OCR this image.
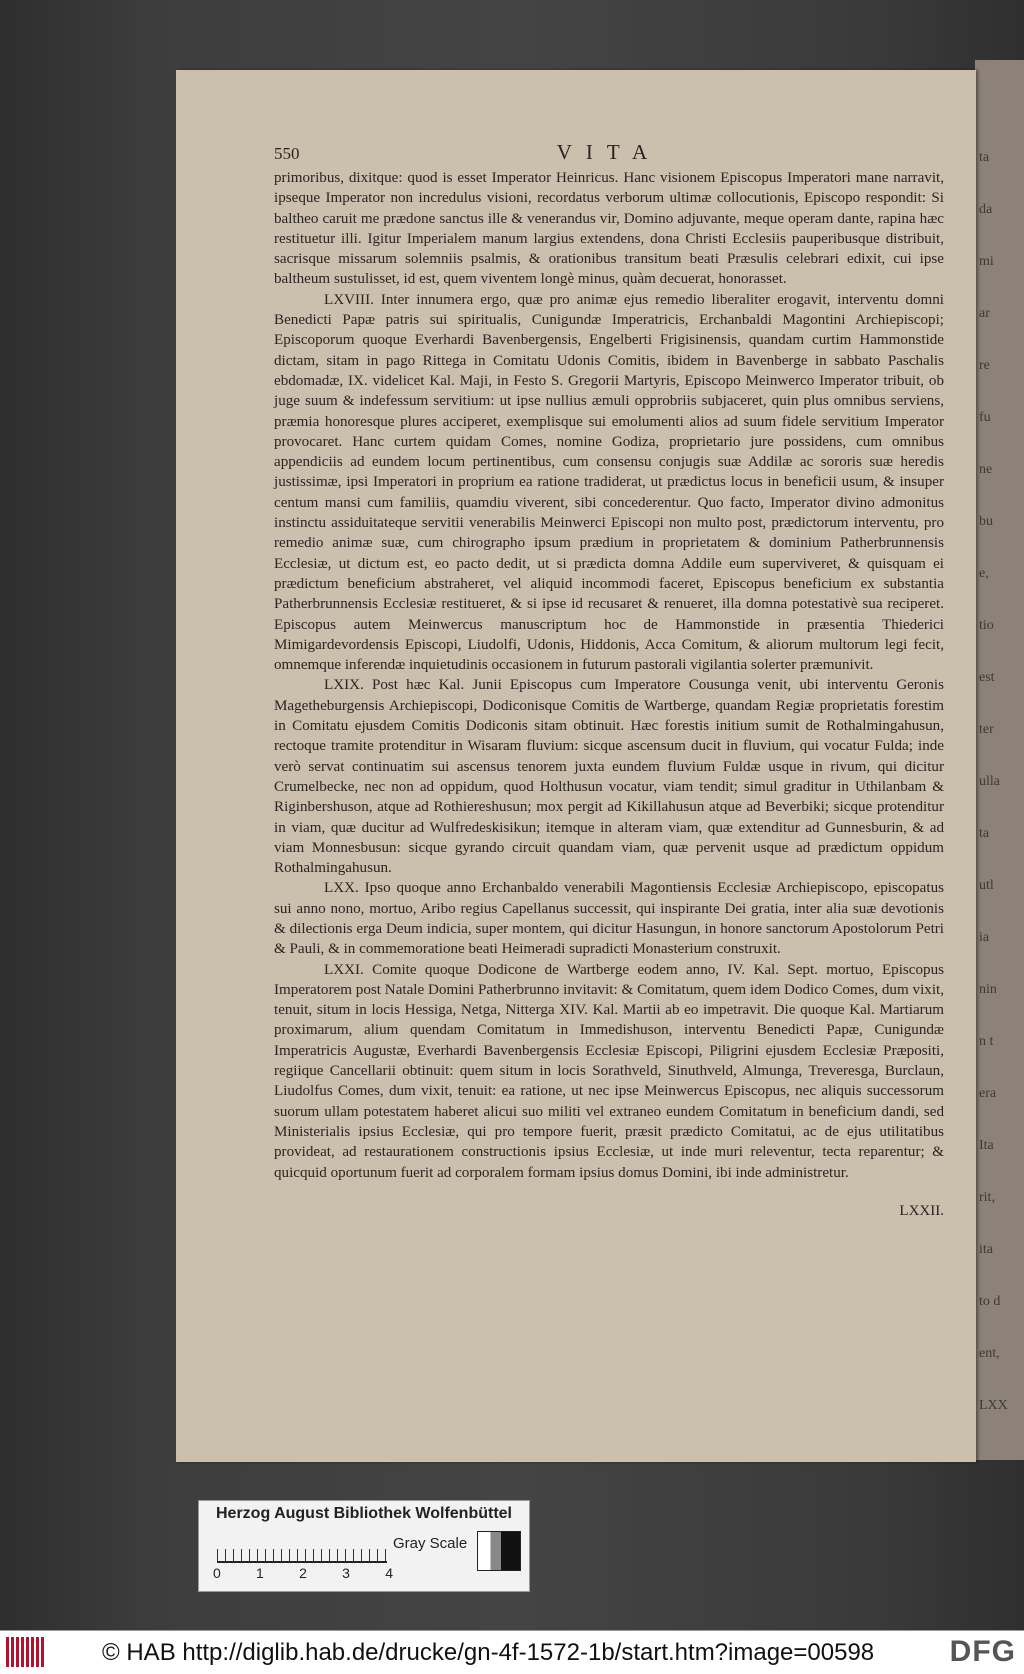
ta
da
mi
ar
re
fu
ne
bu
e,
tio
est
ter
ulla
ta
utl
ia
nin
n t
era
Ita
rit,
ita
to d
ent,
LXX
550	VITA

primoribus, dixitque: quod is esset Imperator Heinricus. Hanc visionem Episcopus Imperatori mane narravit, ipseque Imperator non incredulus visioni, recordatus verborum ultimæ collocutionis, Episcopo respondit: Si baltheo caruit me prædone sanctus ille & venerandus vir, Domino adjuvante, meque operam dante, rapina hæc restituetur illi. Igitur Imperialem manum largius extendens, dona Christi Ecclesiis pauperibusque distribuit, sacrisque missarum solemniis psalmis, & orationibus transitum beati Præsulis celebrari edixit, cui ipse baltheum sustulisset, id est, quem viventem longè minus, quàm decuerat, honorasset.

LXVIII. Inter innumera ergo, quæ pro animæ ejus remedio liberaliter erogavit, interventu domni Benedicti Papæ patris sui spiritualis, Cunigundæ Imperatricis, Erchanbaldi Magontini Archiepiscopi; Episcoporum quoque Everhardi Bavenbergensis, Engelberti Frigisinensis, quandam curtim Hammonstide dictam, sitam in pago Rittega in Comitatu Udonis Comitis, ibidem in Bavenberge in sabbato Paschalis ebdomadæ, IX. videlicet Kal. Maji, in Festo S. Gregorii Martyris, Episcopo Meinwerco Imperator tribuit, ob juge suum & indefessum servitium: ut ipse nullius æmuli opprobriis subjaceret, quin plus omnibus serviens, præmia honoresque plures acciperet, exemplisque sui emolumenti alios ad suum fidele servitium Imperator provocaret. Hanc curtem quidam Comes, nomine Godiza, proprietario jure possidens, cum omnibus appendiciis ad eundem locum pertinentibus, cum consensu conjugis suæ Addilæ ac sororis suæ heredis justissimæ, ipsi Imperatori in proprium ea ratione tradiderat, ut prædictus locus in beneficii usum, & insuper centum mansi cum familiis, quamdiu viverent, sibi concederentur. Quo facto, Imperator divino admonitus instinctu assiduitateque servitii venerabilis Meinwerci Episcopi non multo post, prædictorum interventu, pro remedio animæ suæ, cum chirographo ipsum prædium in proprietatem & dominium Patherbrunnensis Ecclesiæ, ut dictum est, eo pacto dedit, ut si prædicta domna Addile eum superviveret, & quisquam ei prædictum beneficium abstraheret, vel aliquid incommodi faceret, Episcopus beneficium ex substantia Patherbrunnensis Ecclesiæ restitueret, & si ipse id recusaret & renueret, illa domna potestativè sua reciperet. Episcopus autem Meinwercus manuscriptum hoc de Hammonstide in præsentia Thiederici Mimigardevordensis Episcopi, Liudolfi, Udonis, Hiddonis, Acca Comitum, & aliorum multorum legi fecit, omnemque inferendæ inquietudinis occasionem in futurum pastorali vigilantia solerter præmunivit.

LXIX. Post hæc Kal. Junii Episcopus cum Imperatore Cousunga venit, ubi interventu Geronis Magetheburgensis Archiepiscopi, Dodiconisque Comitis de Wartberge, quandam Regiæ proprietatis forestim in Comitatu ejusdem Comitis Dodiconis sitam obtinuit. Hæc forestis initium sumit de Rothalmingahusun, rectoque tramite protenditur in Wisaram fluvium: sicque ascensum ducit in fluvium, qui vocatur Fulda; inde verò servat continuatim sui ascensus tenorem juxta eundem fluvium Fuldæ usque in rivum, qui dicitur Crumelbecke, nec non ad oppidum, quod Holthusun vocatur, viam tendit; simul graditur in Uthilanbam & Riginbershuson, atque ad Rothiereshusun; mox pergit ad Kikillahusun atque ad Beverbiki; sicque protenditur in viam, quæ ducitur ad Wulfredeskisikun; itemque in alteram viam, quæ extenditur ad Gunnesburin, & ad viam Monnesbusun: sicque gyrando circuit quandam viam, quæ pervenit usque ad prædictum oppidum Rothalmingahusun.

LXX. Ipso quoque anno Erchanbaldo venerabili Magontiensis Ecclesiæ Archiepiscopo, episcopatus sui anno nono, mortuo, Aribo regius Capellanus successit, qui inspirante Dei gratia, inter alia suæ devotionis & dilectionis erga Deum indicia, super montem, qui dicitur Hasungun, in honore sanctorum Apostolorum Petri & Pauli, & in commemoratione beati Heimeradi supradicti Monasterium construxit.

LXXI. Comite quoque Dodicone de Wartberge eodem anno, IV. Kal. Sept. mortuo, Episcopus Imperatorem post Natale Domini Patherbrunno invitavit: & Comitatum, quem idem Dodico Comes, dum vixit, tenuit, situm in locis Hessiga, Netga, Nitterga XIV. Kal. Martii ab eo impetravit. Die quoque Kal. Martiarum proximarum, alium quendam Comitatum in Immedishuson, interventu Benedicti Papæ, Cunigundæ Imperatricis Augustæ, Everhardi Bavenbergensis Ecclesiæ Episcopi, Piligrini ejusdem Ecclesiæ Præpositi, regiique Cancellarii obtinuit: quem situm in locis Sorathveld, Sinuthveld, Almunga, Treveresga, Burclaun, Liudolfus Comes, dum vixit, tenuit: ea ratione, ut nec ipse Meinwercus Episcopus, nec aliquis successorum suorum ullam potestatem haberet alicui suo militi vel extraneo eundem Comitatum in beneficium dandi, sed Ministerialis ipsius Ecclesiæ, qui pro tempore fuerit, præsit prædicto Comitatui, ac de ejus utilitatibus provideat, ad restaurationem constructionis ipsius Ecclesiæ, ut inde muri releventur, tecta reparentur; & quicquid oportunum fuerit ad corporalem formam ipsius domus Domini, ibi inde administretur.

LXXII.
Herzog August Bibliothek Wolfenbüttel
Gray Scale
0	1	2	3	4
© HAB http://diglib.hab.de/drucke/gn-4f-1572-1b/start.htm?image=00598	DFG
